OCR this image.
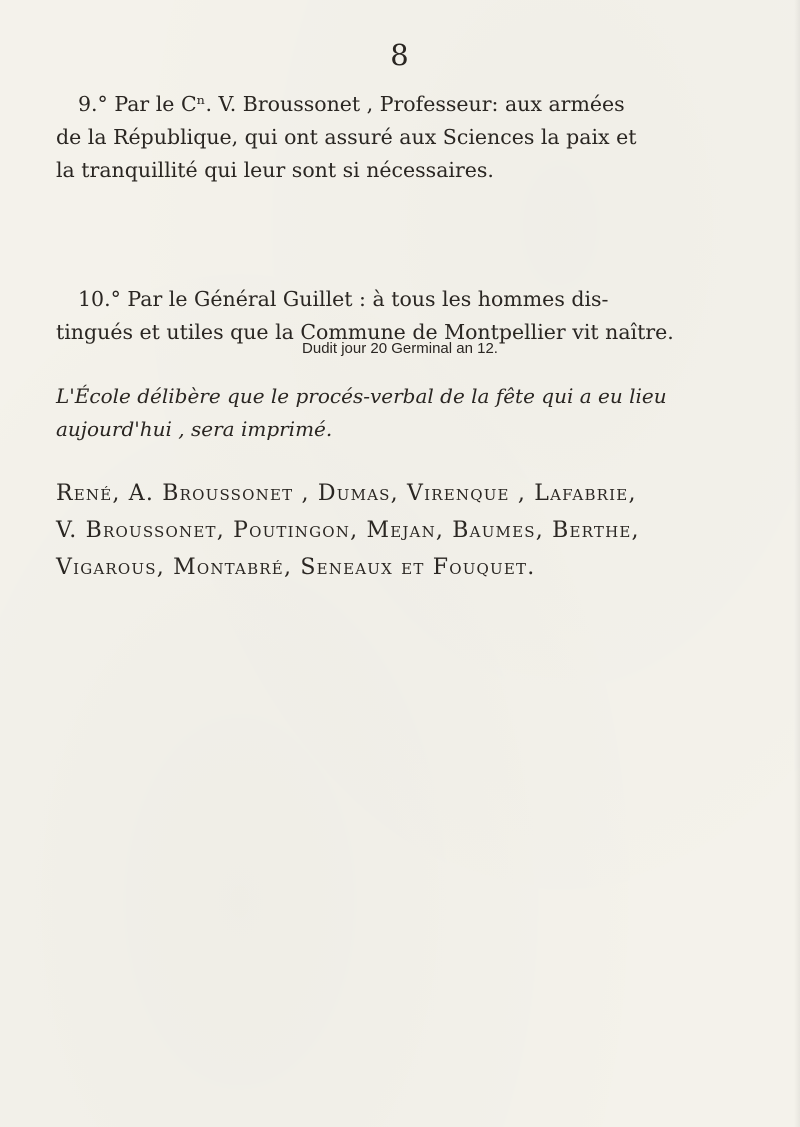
8

9.° Par le Cⁿ. V. Broussonet , Professeur: aux armées
de la République, qui ont assuré aux Sciences la paix et
la tranquillité qui leur sont si nécessaires.

10.° Par le Général Guillet : à tous les hommes dis-
tingués et utiles que la Commune de Montpellier vit naître.

Dudit jour 20 Germinal an 12.

L'École délibère que le procés-verbal de la fête qui a eu lieu
aujourd'hui , sera imprimé.

René, A. Broussonet , Dumas, Virenque , Lafabrie,
V. Broussonet, Poutingon, Mejan, Baumes, Berthe,
Vigarous, Montabré, Seneaux et Fouquet.
